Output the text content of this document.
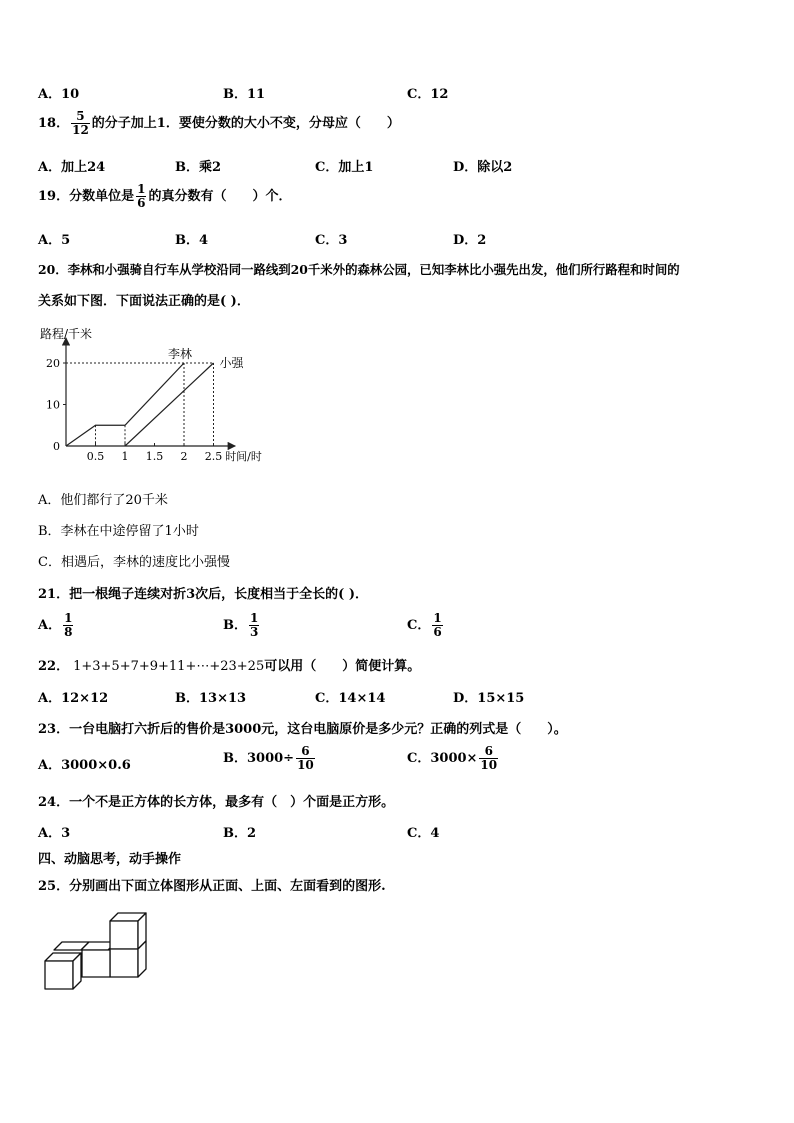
A．10	B．11	C．12
18． $\frac{5}{12}$ 的分子加上1．要使分数的大小不变，分母应（　　）
A．加上24	B．乘2	C．加上1	D．除以2
19．分数单位是 $\frac{1}{6}$ 的真分数有（　　）个．
A．5	B．4	C．3	D．2
20．李林和小强骑自行车从学校沿同一路线到20千米外的森林公园，已知李林比小强先出发，他们所行路程和时间的
关系如下图．下面说法正确的是( )．
路程/千米
时间/时
0
10
20
0.5 1 1.5 2 2.5
李林
小强
A．他们都行了20千米
B．李林在中途停留了1小时
C．相遇后，李林的速度比小强慢
21．把一根绳子连续对折3次后，长度相当于全长的( )．
A． $\frac{1}{8}$	B． $\frac{1}{3}$	C． $\frac{1}{6}$
22． 1+3+5+7+9+11+⋯+23+25可以用（　　）简便计算。
A．12×12	B．13×13	C．14×14	D．15×15
23．一台电脑打六折后的售价是3000元，这台电脑原价是多少元？正确的列式是（　　）。
A．3000×0.6	B．$3000\div \frac{6}{10}$	C．$3000\times \frac{6}{10}$
24．一个不是正方体的长方体，最多有（　）个面是正方形。
A．3	B．2	C．4
四、动脑思考，动手操作
25．分别画出下面立体图形从正面、上面、左面看到的图形.
